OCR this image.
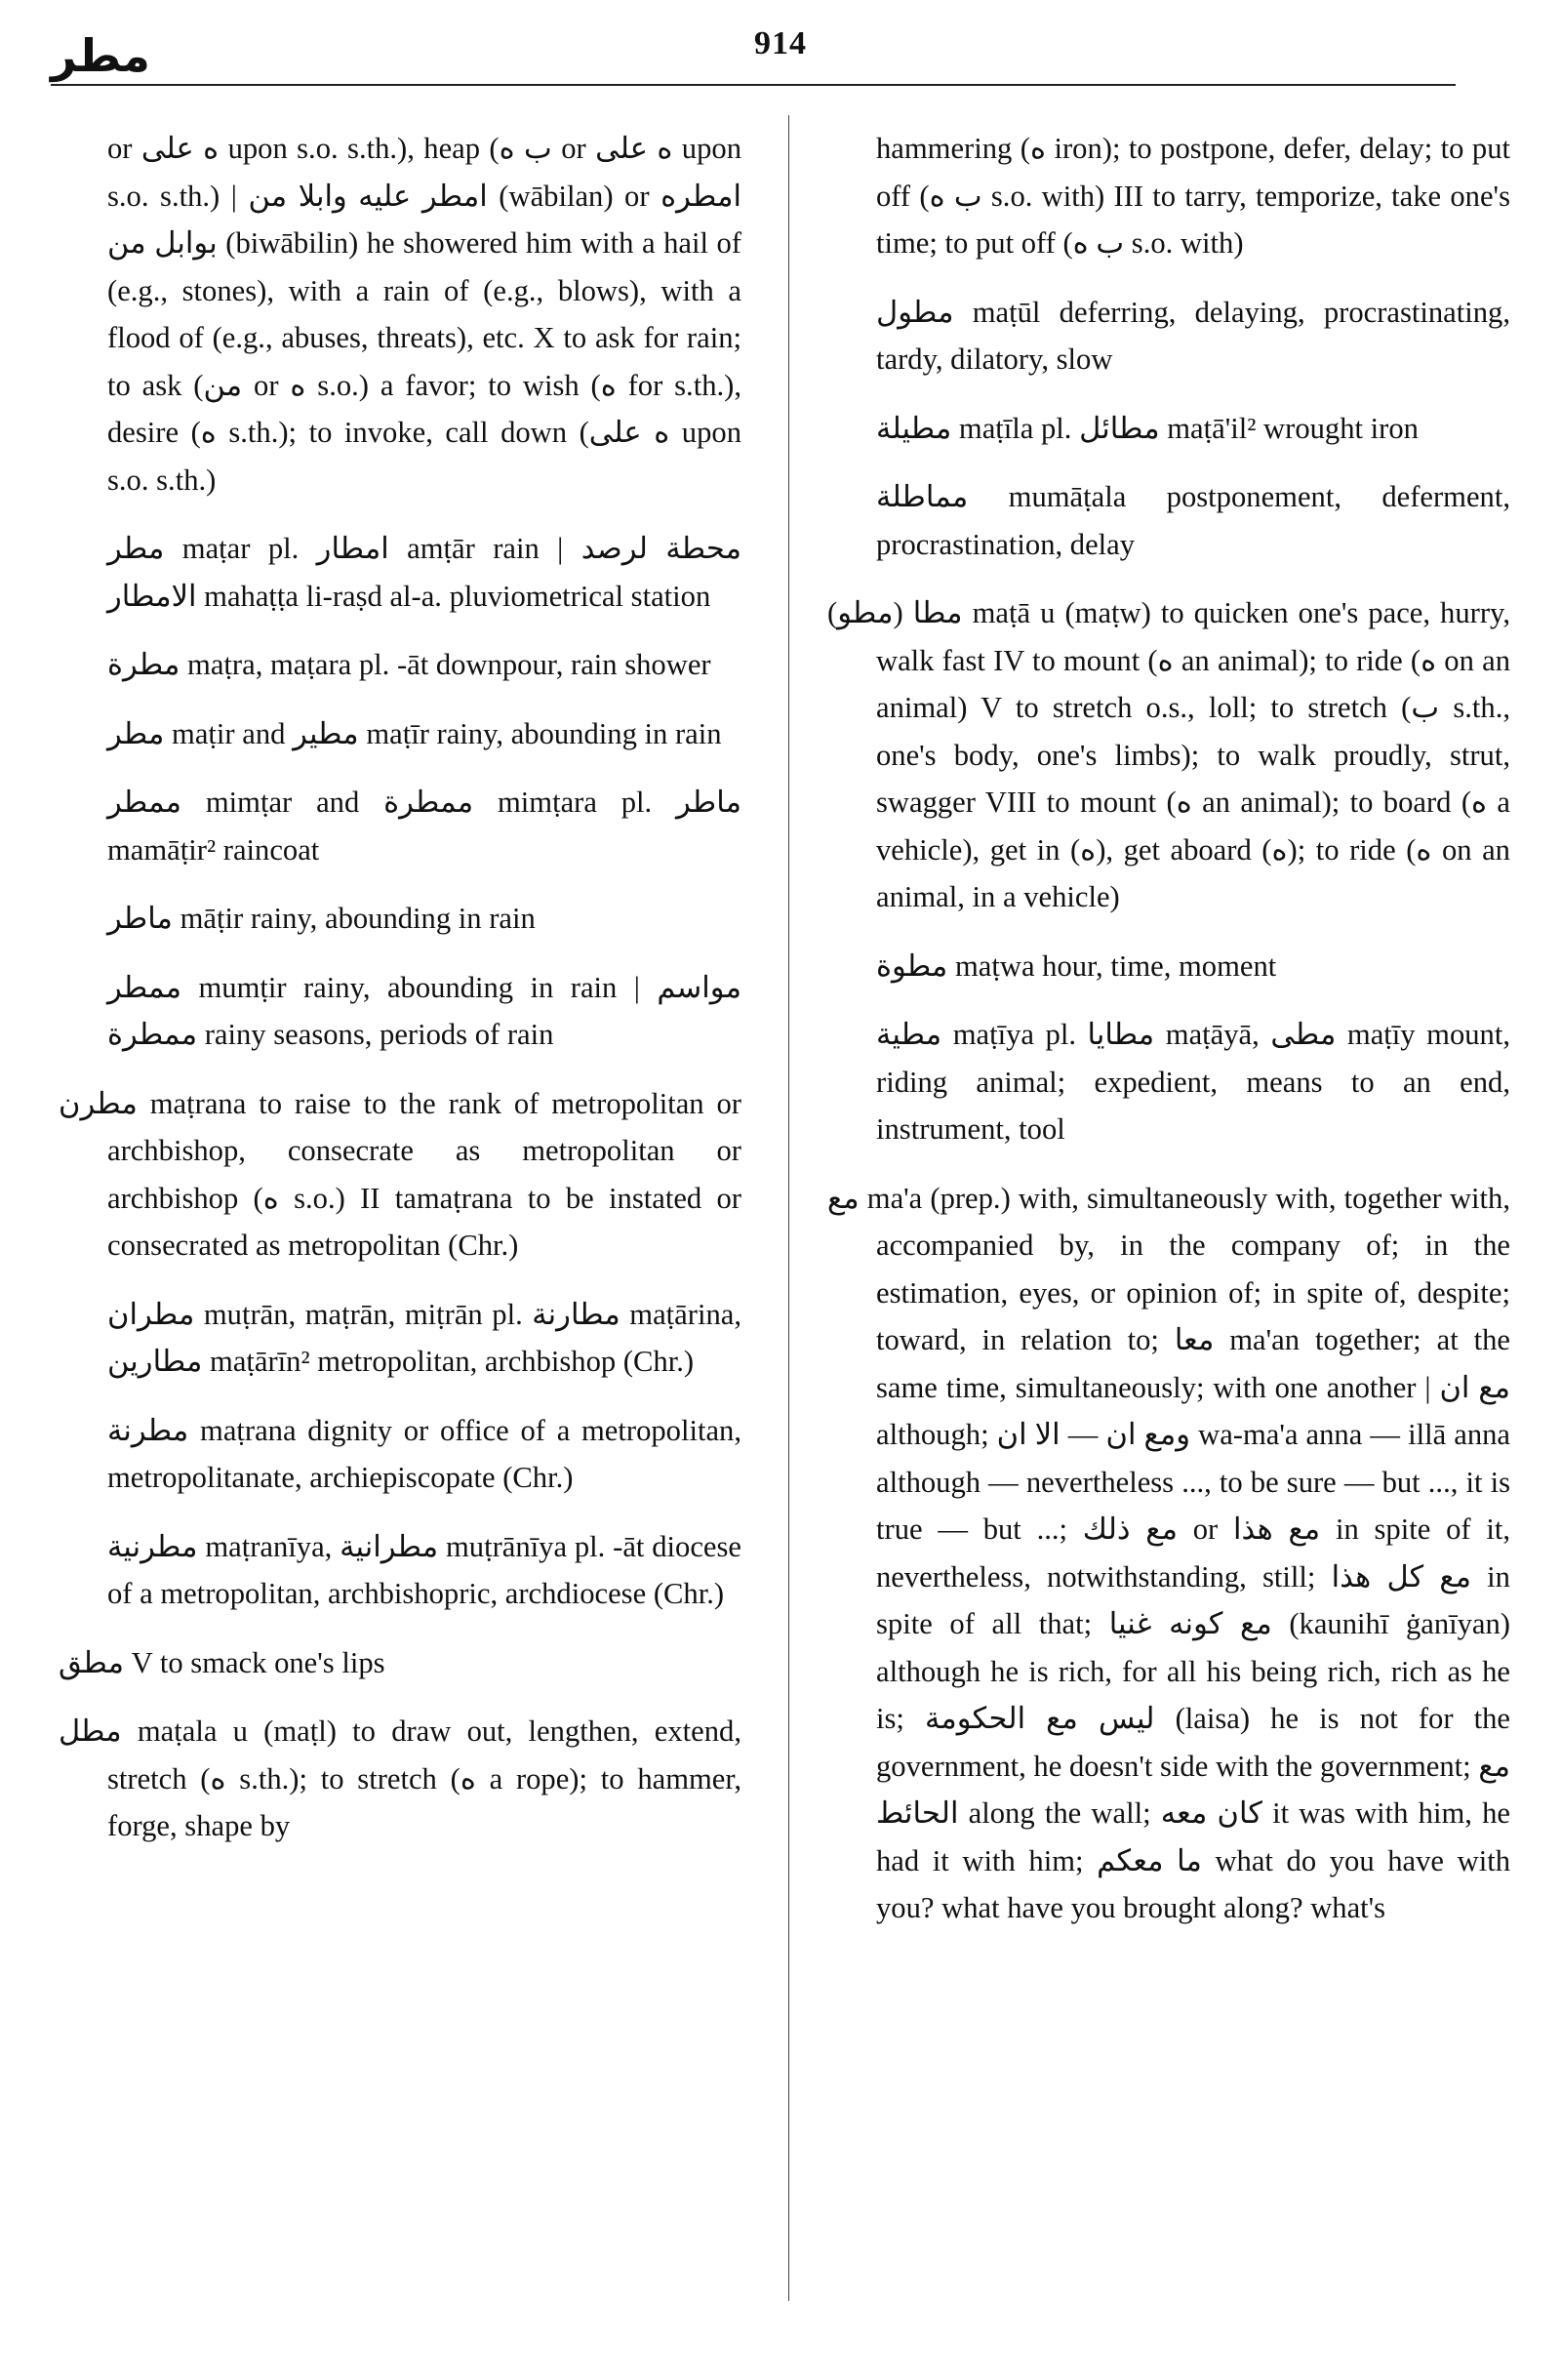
مطر	914

or ه على upon s.o. s.th.), heap (ب ه or ه على upon s.o. s.th.) | امطر عليه وابلا من (wābilan) or امطره بوابل من (biwābilin) he showered him with a hail of (e.g., stones), with a rain of (e.g., blows), with a flood of (e.g., abuses, threats), etc. X to ask for rain; to ask (من or ه s.o.) a favor; to wish (ه for s.th.), desire (ه s.th.); to invoke, call down (ه على upon s.o. s.th.)

مطر maṭar pl. امطار amṭār rain | محطة لرصد الامطار mahaṭṭa li-raṣd al-a. pluviometrical station

مطرة maṭra, maṭara pl. -āt downpour, rain shower

مطر maṭir and مطير maṭīr rainy, abounding in rain

ممطر mimṭar and ممطرة mimṭara pl. ماطر mamāṭir² raincoat

ماطر māṭir rainy, abounding in rain

ممطر mumṭir rainy, abounding in rain | مواسم ممطرة rainy seasons, periods of rain

مطرن maṭrana to raise to the rank of metropolitan or archbishop, consecrate as metropolitan or archbishop (ه s.o.) II tamaṭrana to be instated or consecrated as metropolitan (Chr.)

مطران muṭrān, maṭrān, miṭrān pl. مطارنة maṭārina, مطارين maṭārīn² metropolitan, archbishop (Chr.)

مطرنة maṭrana dignity or office of a metropolitan, metropolitanate, archiepiscopate (Chr.)

مطرنية maṭranīya, مطرانية muṭrānīya pl. -āt diocese of a metropolitan, archbishopric, archdiocese (Chr.)

مطق V to smack one's lips

مطل maṭala u (maṭl) to draw out, lengthen, extend, stretch (ه s.th.); to stretch (ه a rope); to hammer, forge, shape by

hammering (ه iron); to postpone, defer, delay; to put off (ب ه s.o. with) III to tarry, temporize, take one's time; to put off (ب ه s.o. with)

مطول maṭūl deferring, delaying, procrastinating, tardy, dilatory, slow

مطيلة maṭīla pl. مطائل maṭā'il² wrought iron

مماطلة mumāṭala postponement, deferment, procrastination, delay

(مطو) مطا maṭā u (maṭw) to quicken one's pace, hurry, walk fast IV to mount (ه an animal); to ride (ه on an animal) V to stretch o.s., loll; to stretch (ب s.th., one's body, one's limbs); to walk proudly, strut, swagger VIII to mount (ه an animal); to board (ه a vehicle), get in (ه), get aboard (ه); to ride (ه on an animal, in a vehicle)

مطوة maṭwa hour, time, moment

مطية maṭīya pl. مطايا maṭāyā, مطى maṭīy mount, riding animal; expedient, means to an end, instrument, tool

مع ma'a (prep.) with, simultaneously with, together with, accompanied by, in the company of; in the estimation, eyes, or opinion of; in spite of, despite; toward, in relation to; معا ma'an together; at the same time, simultaneously; with one another | مع ان although; ومع ان — الا ان wa-ma'a anna — illā anna although — nevertheless ..., to be sure — but ..., it is true — but ...; مع ذلك or مع هذا in spite of it, nevertheless, notwithstanding, still; مع كل هذا in spite of all that; مع كونه غنيا (kaunihī ġanīyan) although he is rich, for all his being rich, rich as he is; ليس مع الحكومة (laisa) he is not for the government, he doesn't side with the government; مع الحائط along the wall; كان معه it was with him, he had it with him; ما معكم what do you have with you? what have you brought along? what's
